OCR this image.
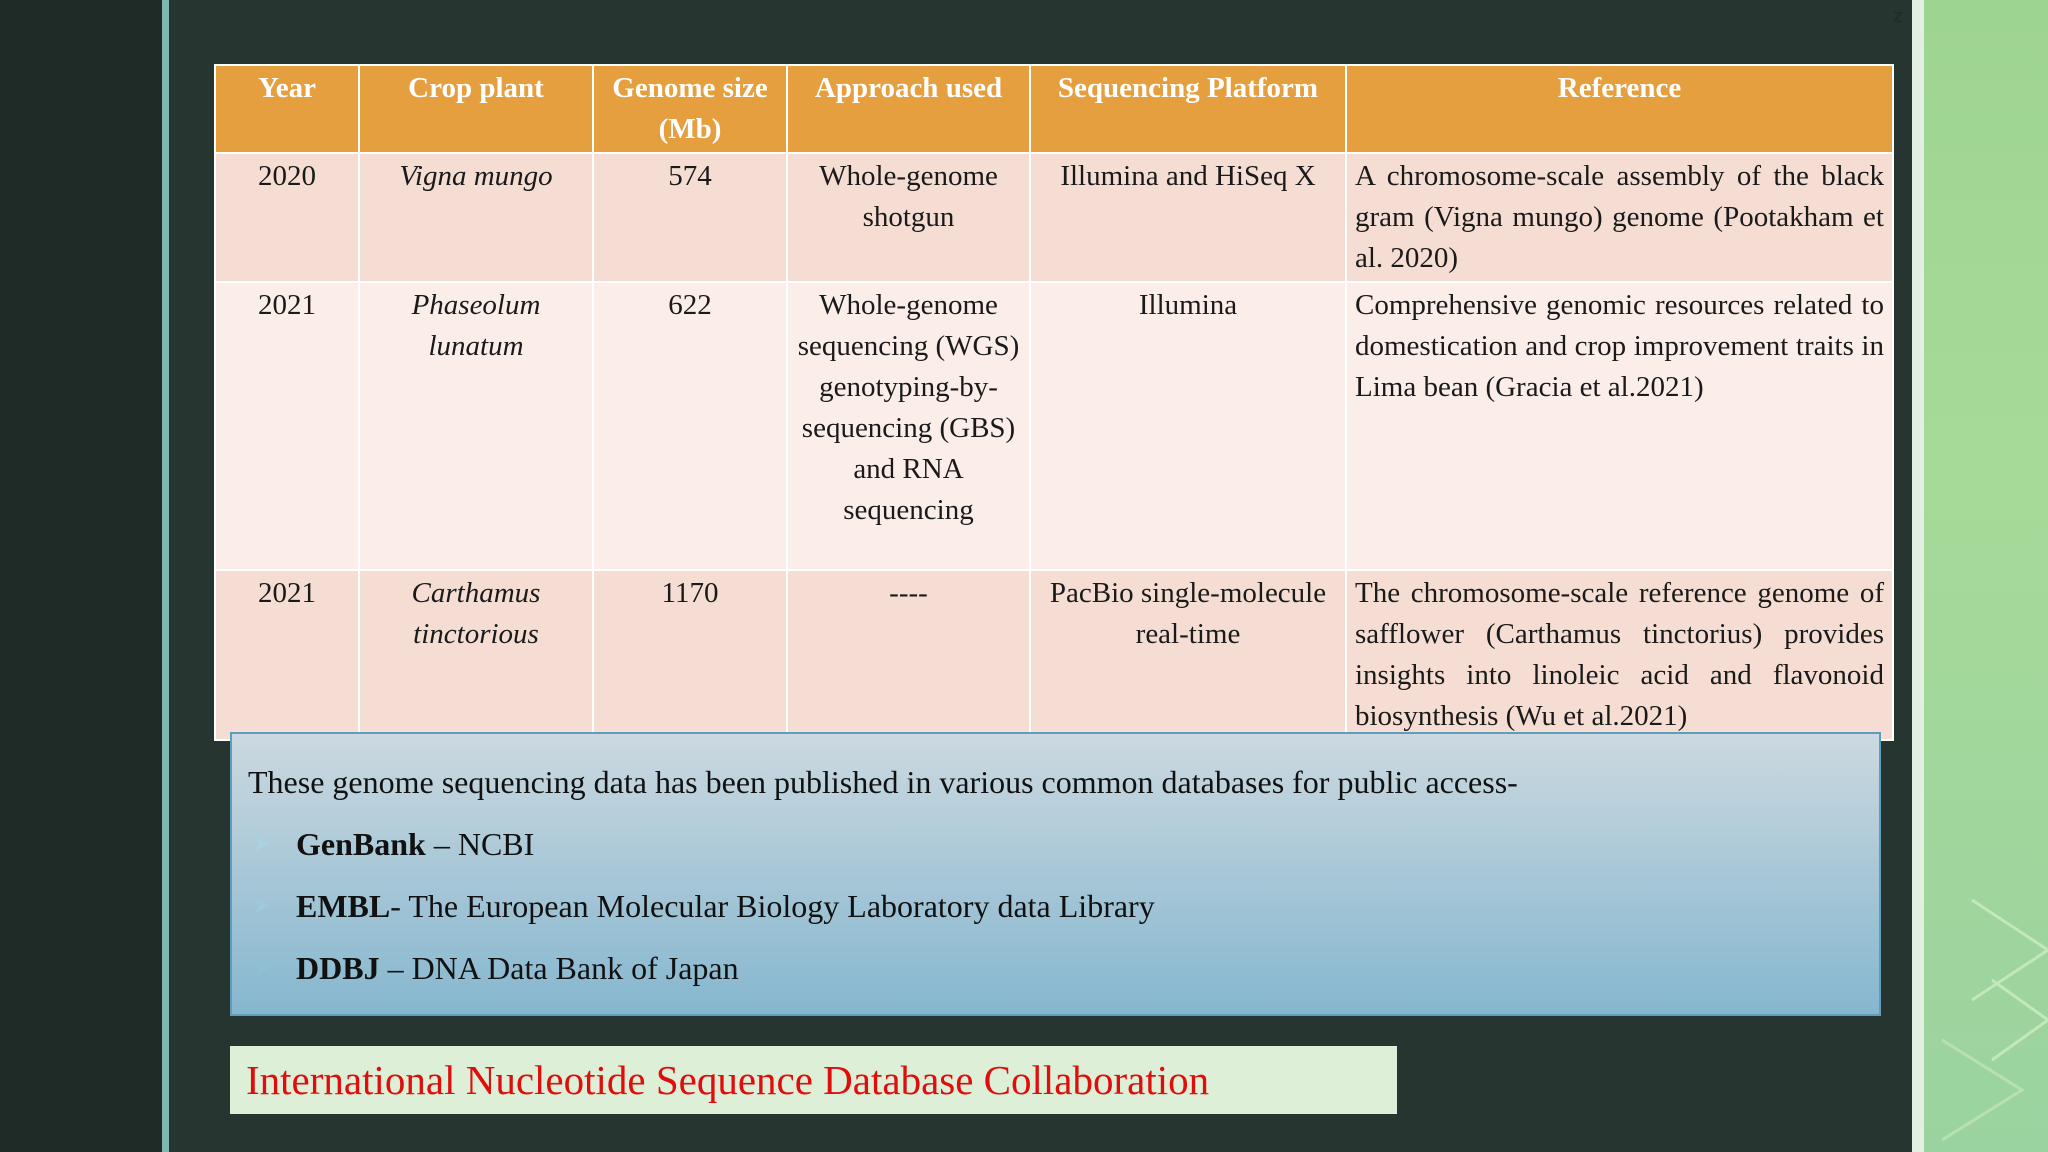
z
Year	Crop plant	Genome size (Mb)	Approach used	Sequencing Platform	Reference
2020	Vigna mungo	574	Whole-genome shotgun	Illumina and HiSeq X	A chromosome-scale assembly of the black gram (Vigna mungo) genome (Pootakham et al. 2020)
2021	Phaseolum lunatum	622	Whole-genome sequencing (WGS) genotyping-by-sequencing (GBS) and RNA sequencing	Illumina	Comprehensive genomic resources related to domestication and crop improvement traits in Lima bean (Gracia et al.2021)
2021	Carthamus tinctorious	1170	----	PacBio single-molecule real-time	The chromosome-scale reference genome of safflower (Carthamus tinctorius) provides insights into linoleic acid and flavonoid biosynthesis (Wu et al.2021)
These genome sequencing data has been published in various common databases for public access-
GenBank – NCBI
EMBL- The European Molecular Biology Laboratory data Library
DDBJ – DNA Data Bank of Japan
International Nucleotide Sequence Database Collaboration
